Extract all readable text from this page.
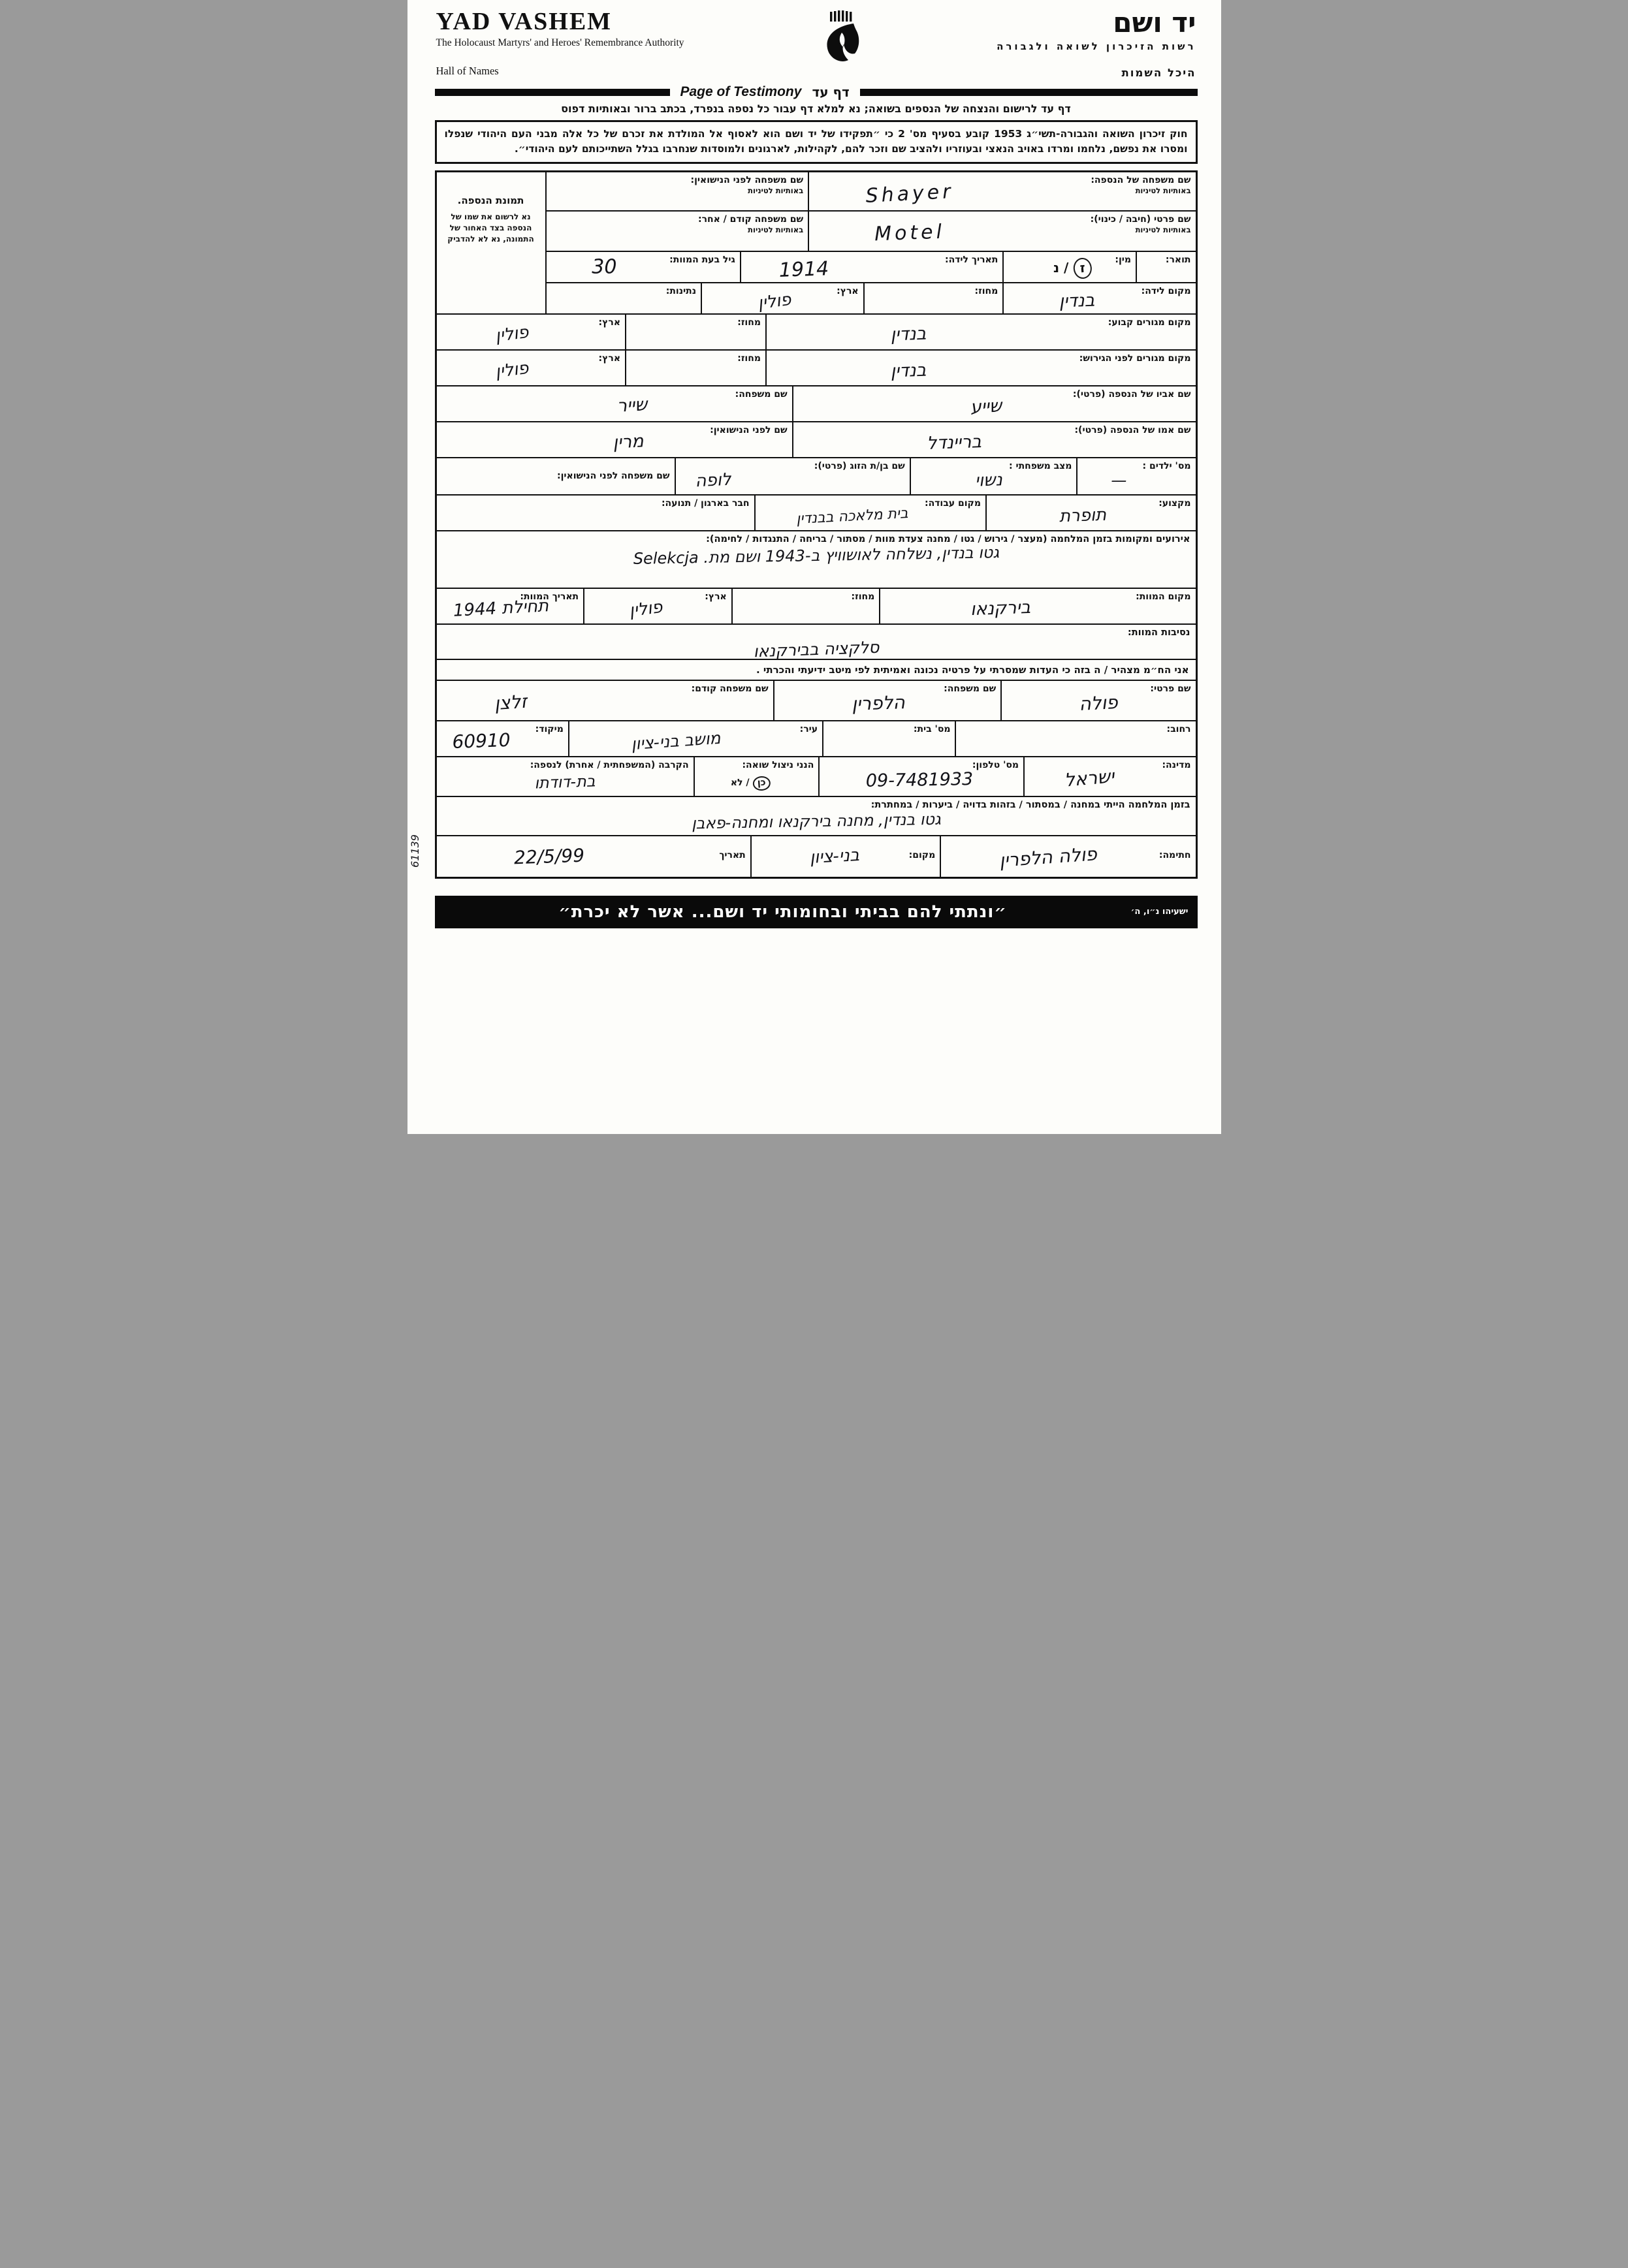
YAD VASHEM
The Holocaust Martyrs' and Heroes' Remembrance Authority
Hall of Names
יד ושם
רשות הזיכרון לשואה ולגבורה
היכל השמות
Page of Testimony דף עד
דף עד לרישום והנצחה של הנספים בשואה; נא למלא דף עבור כל נספה בנפרד, בכתב ברור ובאותיות דפוס
חוק זיכרון השואה והגבורה-תשי״ג 1953 קובע בסעיף מס' 2 כי ״תפקידו של יד ושם הוא לאסוף אל המולדת את זכרם של כל אלה מבני העם היהודי שנפלו ומסרו את נפשם, נלחמו ומרדו באויב הנאצי ובעוזריו ולהציב שם וזכר להם, לקהילות, לארגונים ולמוסדות שנחרבו בגלל השתייכותם לעם היהודי״.
שם משפחה של הנספה:
באותיות לטיניות
Shayer
שם משפחה לפני הנישואין:
באותיות לטיניות
שם פרטי (חיבה / כינוי):
באותיות לטיניות
Motel
שם משפחה קודם / אחר:
באותיות לטיניות
תואר:
מין:
ז / נ
תאריך לידה:
1914
גיל בעת המוות:
30
מקום לידה:
בנדין
מחוז:
ארץ:
פולין
נתינות:
תמונת הנספה.
נא לרשום את שמו של הנספה בצד האחור של התמונה, נא לא להדביק
מקום מגורים קבוע:
בנדין
מחוז:
ארץ:
פולין
מקום מגורים לפני הגירוש:
בנדין
מחוז:
ארץ:
פולין
שם אביו של הנספה (פרטי):
שייע
שם משפחה:
שייר
שם אמו של הנספה (פרטי):
בריינדל
שם לפני הנישואין:
מרין
מס' ילדים :
—
מצב משפחתי :
נשוי
שם בן/ת הזוג (פרטי):
לופה
שם משפחה לפני הנישואין:
מקצוע:
תופרת
מקום עבודה:
בית מלאכה בבנדין
חבר בארגון / תנועה:
אירועים ומקומות בזמן המלחמה (מעצר / גירוש / גטו / מחנה צעדת מוות / מסתור / בריחה / התנגדות / לחימה):
גטו בנדין, נשלחה לאושוויץ ב-1943 ושם מת. Selekcja
מקום המוות:
בירקנאו
מחוז:
ארץ:
פולין
תאריך המוות:
תחילת 1944
נסיבות המוות:
סלקציה בבירקנאו
אני הח״מ מצהיר / ה בזה כי העדות שמסרתי על פרטיה נכונה ואמיתית לפי מיטב ידיעתי והכרתי .
שם פרטי:
פולה
שם משפחה:
הלפרין
שם משפחה קודם:
זלצן
רחוב:
מס' בית:
עיר:
מושב בני-ציון
מיקוד:
60910
מדינה:
ישראל
מס' טלפון:
09-7481933
הנני ניצול שואה:
כן / לא
הקרבה (המשפחתית / אחרת) לנספה:
בת-דודתו
בזמן המלחמה הייתי במחנה / במסתור / בזהות בדויה / ביערות / במחתרת:
גטו בנדין, מחנה בירקנאו ומחנה-פאבן
חתימה:
פולה הלפרין
מקום:
בני-ציון
תאריך
22/5/99
ישעיהו נ״ו, ה׳
״ונתתי להם בביתי ובחומותי יד ושם... אשר לא יכרת״
61139
